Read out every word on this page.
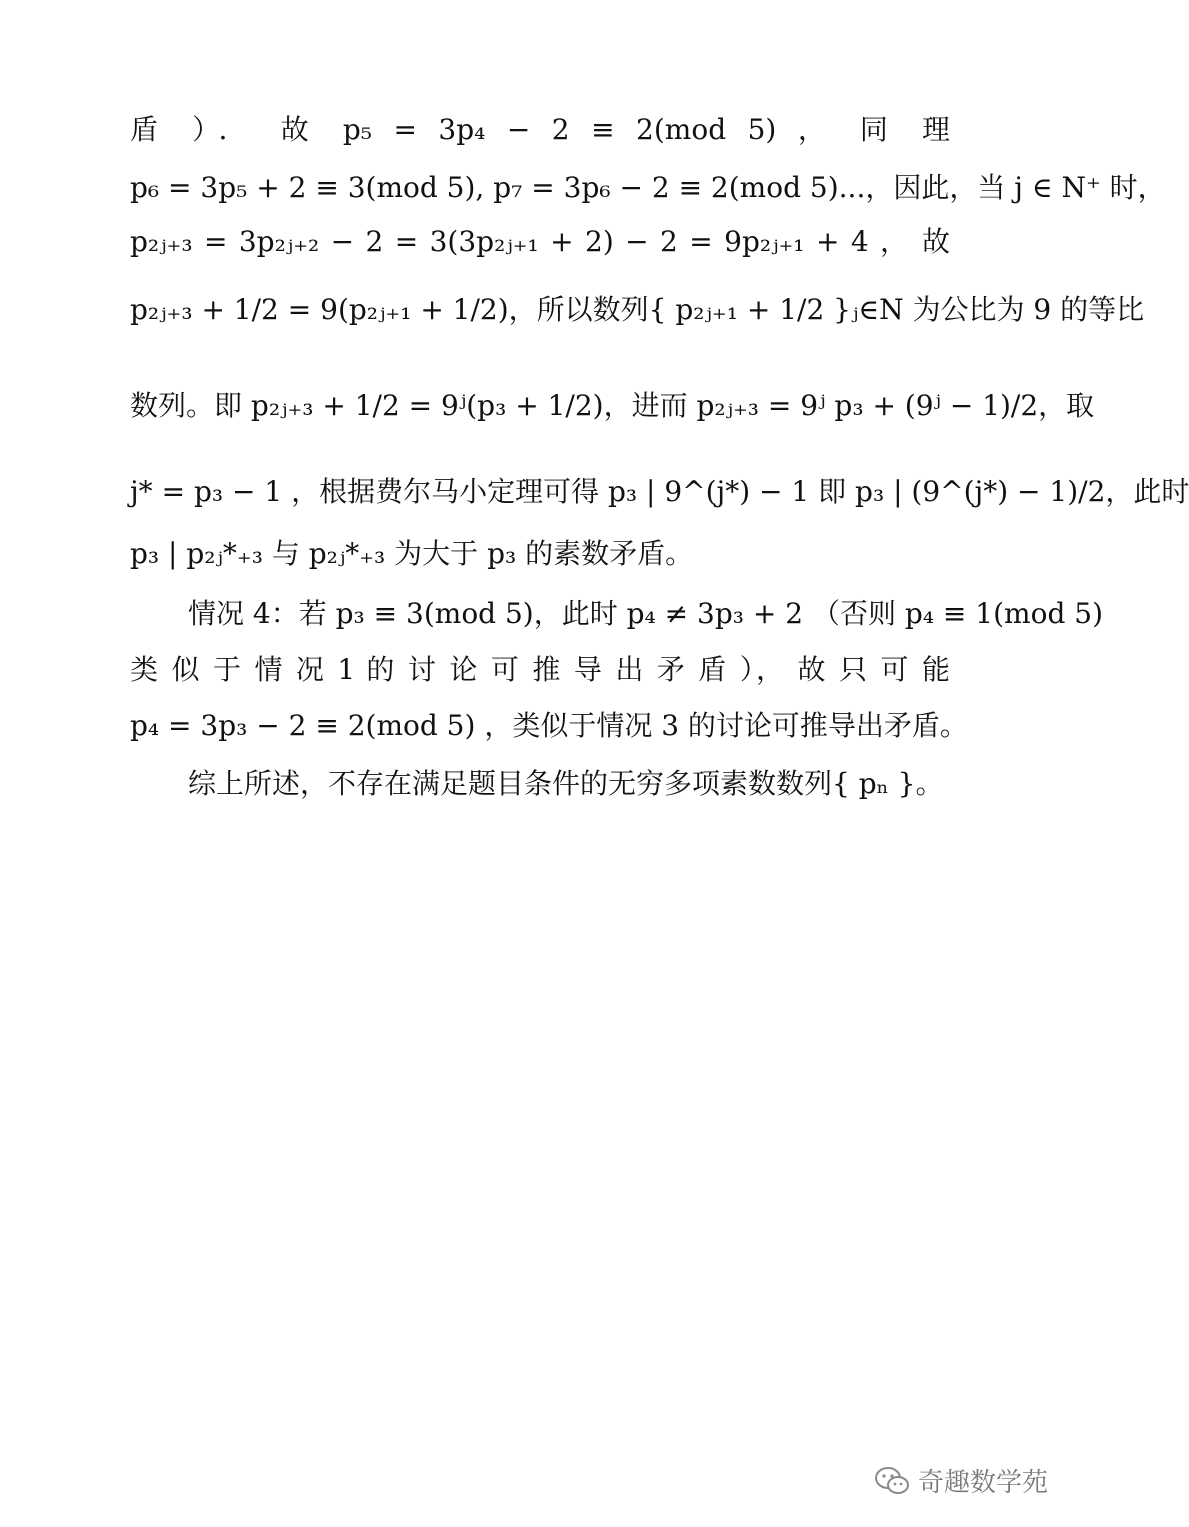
盾 ）． 故 p₅ = 3p₄ − 2 ≡ 2(mod 5) ， 同 理
p₆ = 3p₅ + 2 ≡ 3(mod 5), p₇ = 3p₆ − 2 ≡ 2(mod 5)...，因此，当 j ∈ N⁺ 时，
p₂ⱼ₊₃ = 3p₂ⱼ₊₂ − 2 = 3(3p₂ⱼ₊₁ + 2) − 2 = 9p₂ⱼ₊₁ + 4 ， 故
p₂ⱼ₊₃ + 1/2 = 9(p₂ⱼ₊₁ + 1/2)，所以数列{ p₂ⱼ₊₁ + 1/2 }ⱼ∈N 为公比为 9 的等比
数列。即 p₂ⱼ₊₃ + 1/2 = 9ʲ(p₃ + 1/2)，进而 p₂ⱼ₊₃ = 9ʲ p₃ + (9ʲ − 1)/2，取
j* = p₃ − 1 ，根据费尔马小定理可得 p₃ | 9^(j*) − 1 即 p₃ | (9^(j*) − 1)/2，此时
p₃ | p₂ⱼ*₊₃ 与 p₂ⱼ*₊₃ 为大于 p₃ 的素数矛盾。
情况 4：若 p₃ ≡ 3(mod 5)，此时 p₄ ≠ 3p₃ + 2 （否则 p₄ ≡ 1(mod 5)
类 似 于 情 况 1 的 讨 论 可 推 导 出 矛 盾 ）， 故 只 可 能
p₄ = 3p₃ − 2 ≡ 2(mod 5) ，类似于情况 3 的讨论可推导出矛盾。
综上所述，不存在满足题目条件的无穷多项素数数列{ pₙ }。
奇趣数学苑
